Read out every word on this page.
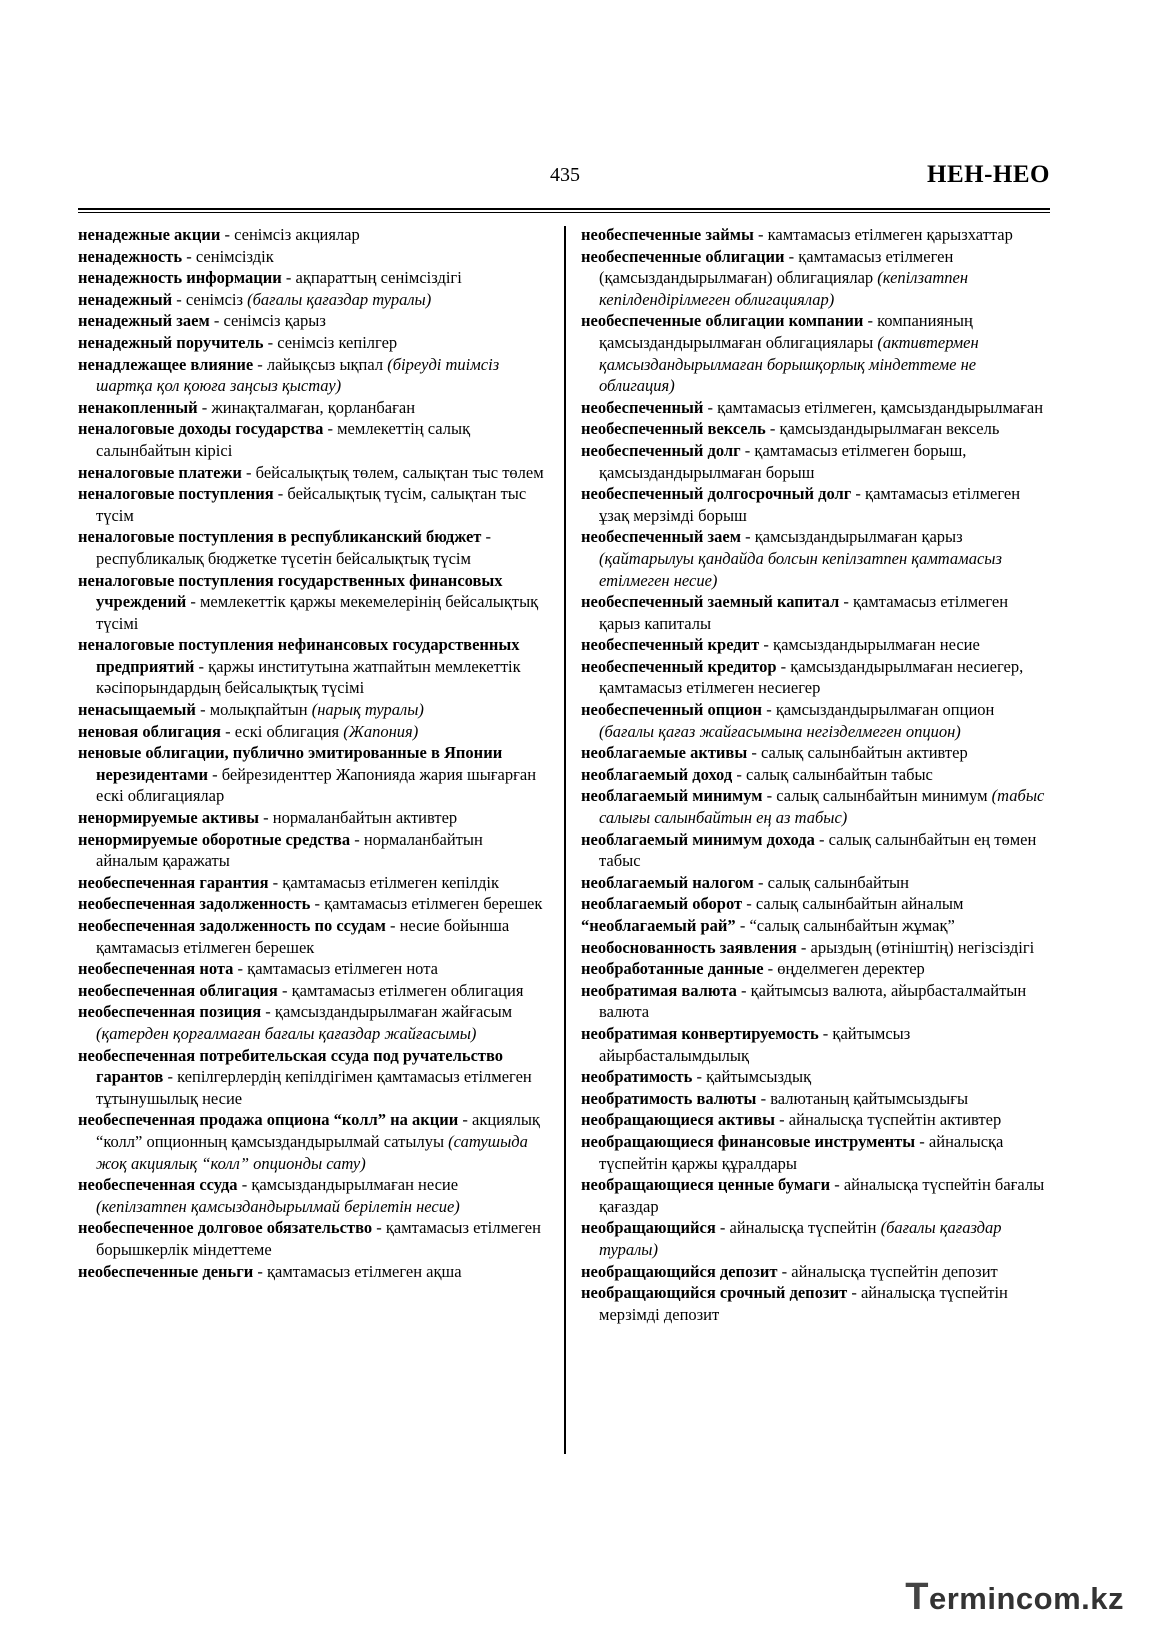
435	НЕН-НЕО

ненадежные акции - сенімсіз акциялар

ненадежность - сенімсіздік

ненадежность информации - ақпараттың сенімсіздігі

ненадежный - сенімсіз (бағалы қағаздар туралы)

ненадежный заем - сенімсіз қарыз

ненадежный поручитель - сенімсіз кепілгер

ненадлежащее влияние - лайықсыз ықпал (біреуді тиімсіз шартқа қол қоюға заңсыз қыстау)

ненакопленный - жинақталмаған, қорланбаған

неналоговые доходы государства - мемлекеттің салық салынбайтын кірісі

неналоговые платежи - бейсалықтық төлем, салықтан тыс төлем

неналоговые поступления - бейсалықтық түсім, салықтан тыс түсім

неналоговые поступления в республиканский бюджет - республикалық бюджетке түсетін бейсалықтық түсім

неналоговые поступления государственных финансовых учреждений - мемлекеттік қаржы мекемелерінің бейсалықтық түсімі

неналоговые поступления нефинансовых государственных предприятий - қаржы институтына жатпайтын мемлекеттік кәсіпорындардың бейсалықтық түсімі

ненасыщаемый - молықпайтын (нарық туралы)

неновая облигация - ескі облигация (Жапония)

неновые облигации, публично эмитированные в Японии нерезидентами - бейрезиденттер Жапонияда жария шығарған ескі облигациялар

ненормируемые активы - нормаланбайтын активтер

ненормируемые оборотные средства - нормаланбайтын айналым қаражаты

необеспеченная гарантия - қамтамасыз етілмеген кепілдік

необеспеченная задолженность - қамтамасыз етілмеген берешек

необеспеченная задолженность по ссудам - несие бойынша қамтамасыз етілмеген берешек

необеспеченная нота - қамтамасыз етілмеген нота

необеспеченная облигация - қамтамасыз етілмеген облигация

необеспеченная позиция - қамсыздандырылмаған жайғасым (қатерден қорғалмаған бағалы қағаздар жайғасымы)

необеспеченная потребительская ссуда под ручательство гарантов - кепілгерлердің кепілдігімен қамтамасыз етілмеген тұтынушылық несие

необеспеченная продажа опциона “колл” на акции - акциялық “колл” опционның қамсыздандырылмай сатылуы (сатушыда жоқ акциялық “колл” опционды сату)

необеспеченная ссуда - қамсыздандырылмаған несие (кепілзатпен қамсыздандырылмай берілетін несие)

необеспеченное долговое обязательство - қамтамасыз етілмеген борышкерлік міндеттеме

необеспеченные деньги - қамтамасыз етілмеген ақша

необеспеченные займы - камтамасыз етілмеген қарызхаттар

необеспеченные облигации - қамтамасыз етілмеген (қамсыздандырылмаған) облигациялар (кепілзатпен кепілдендірілмеген облигациялар)

необеспеченные облигации компании - компанияның қамсыздандырылмаған облигациялары (активтермен қамсыздандырылмаған борышқорлық міндеттеме не облигация)

необеспеченный - қамтамасыз етілмеген, қамсыздандырылмаған

необеспеченный вексель - қамсыздандырылмаған вексель

необеспеченный долг - қамтамасыз етілмеген борыш, қамсыздандырылмаған борыш

необеспеченный долгосрочный долг - қамтамасыз етілмеген ұзақ мерзімді борыш

необеспеченный заем - қамсыздандырылмаған қарыз (қайтарылуы қандайда болсын кепілзатпен қамтамасыз етілмеген несие)

необеспеченный заемный капитал - қамтамасыз етілмеген қарыз капиталы

необеспеченный кредит - қамсыздандырылмаған несие

необеспеченный кредитор - қамсыздандырылмаған несиегер, қамтамасыз етілмеген несиегер

необеспеченный опцион - қамсыздандырылмаған опцион (бағалы қағаз жайғасымына негізделмеген опцион)

необлагаемые активы - салық салынбайтын активтер

необлагаемый доход - салық салынбайтын табыс

необлагаемый минимум - салық салынбайтын минимум (табыс салығы салынбайтын ең аз табыс)

необлагаемый минимум дохода - салық салынбайтын ең төмен табыс

необлагаемый налогом - салық салынбайтын

необлагаемый оборот - салық салынбайтын айналым

“необлагаемый рай” - “салық салынбайтын жұмақ”

необоснованность заявления - арыздың (өтініштің) негізсіздігі

необработанные данные - өңделмеген деректер

необратимая валюта - қайтымсыз валюта, айырбасталмайтын валюта

необратимая конвертируемость - қайтымсыз айырбасталымдылық

необратимость - қайтымсыздық

необратимость валюты - валютаның қайтымсыздығы

необращающиеся активы - айналысқа түспейтін активтер

необращающиеся финансовые инструменты - айналысқа түспейтін қаржы құралдары

необращающиеся ценные бумаги - айналысқа түспейтін бағалы қағаздар

необращающийся - айналысқа түспейтін (бағалы қағаздар туралы)

необращающийся депозит - айналысқа түспейтін депозит

необращающийся срочный депозит - айналысқа түспейтін мерзімді депозит

Termincom.kz
